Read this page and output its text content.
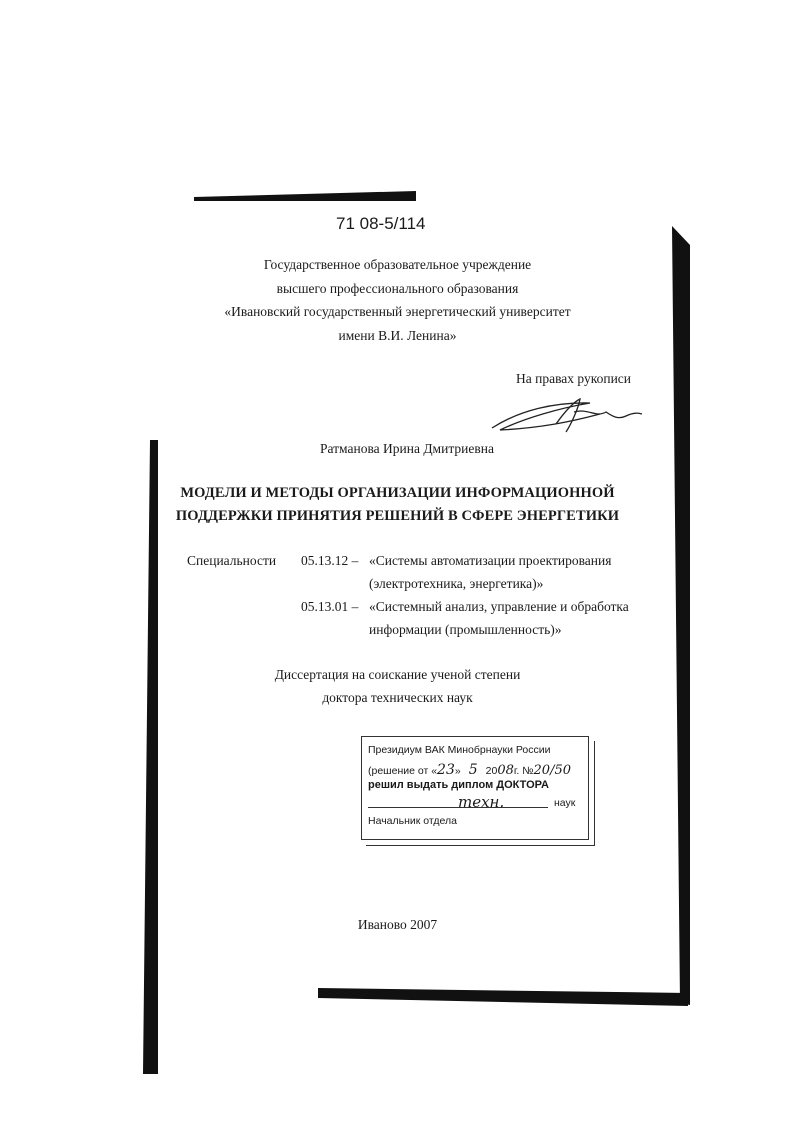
71 08-5/114
Государственное образовательное учреждение
высшего профессионального образования
«Ивановский государственный энергетический университет
имени В.И. Ленина»
На правах рукописи
Ратманова Ирина Дмитриевна
МОДЕЛИ И МЕТОДЫ ОРГАНИЗАЦИИ ИНФОРМАЦИОННОЙ
ПОДДЕРЖКИ ПРИНЯТИЯ РЕШЕНИЙ В СФЕРЕ ЭНЕРГЕТИКИ
Специальности 05.13.12 – «Системы автоматизации проектирования
(электротехника, энергетика)»
05.13.01 – «Системный анализ, управление и обработка
информации (промышленность)»
Диссертация на соискание ученой степени
доктора технических наук
Президиум ВАК Минобрнауки России
(решение от «23» 5 2008г. №20/50
решил выдать диплом ДОКТОРА
техн.	наук
Начальник отдела
Иваново 2007
